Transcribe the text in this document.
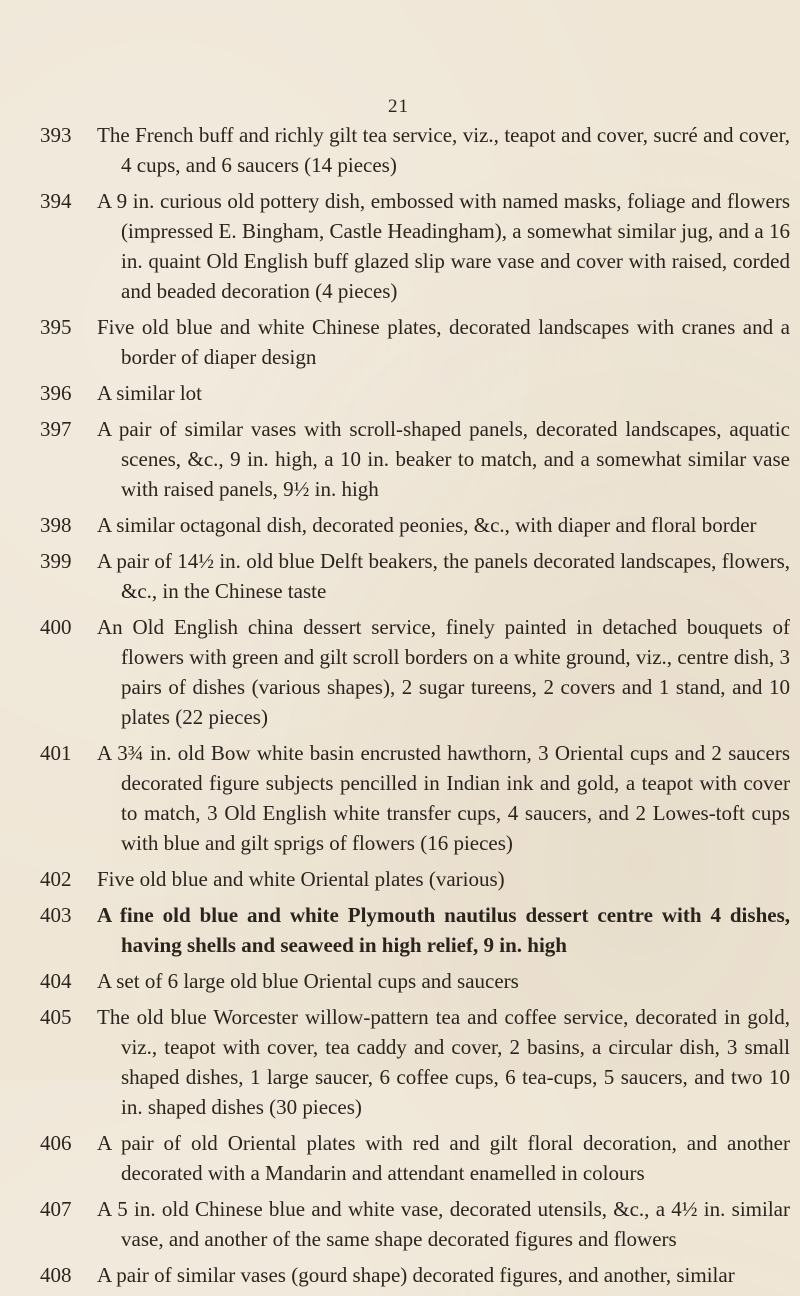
21
393	The French buff and richly gilt tea service, viz., teapot and cover, sucré and cover, 4 cups, and 6 saucers (14 pieces)
394	A 9 in. curious old pottery dish, embossed with named masks, foliage and flowers (impressed E. Bingham, Castle Headingham), a somewhat similar jug, and a 16 in. quaint Old English buff glazed slip ware vase and cover with raised, corded and beaded decoration (4 pieces)
395	Five old blue and white Chinese plates, decorated landscapes with cranes and a border of diaper design
396	A similar lot
397	A pair of similar vases with scroll-shaped panels, decorated landscapes, aquatic scenes, &c., 9 in. high, a 10 in. beaker to match, and a somewhat similar vase with raised panels, 9½ in. high
398	A similar octagonal dish, decorated peonies, &c., with diaper and floral border
399	A pair of 14½ in. old blue Delft beakers, the panels decorated landscapes, flowers, &c., in the Chinese taste
400	An Old English china dessert service, finely painted in detached bouquets of flowers with green and gilt scroll borders on a white ground, viz., centre dish, 3 pairs of dishes (various shapes), 2 sugar tureens, 2 covers and 1 stand, and 10 plates (22 pieces)
401	A 3¾ in. old Bow white basin encrusted hawthorn, 3 Oriental cups and 2 saucers decorated figure subjects pencilled in Indian ink and gold, a teapot with cover to match, 3 Old English white transfer cups, 4 saucers, and 2 Lowes-toft cups with blue and gilt sprigs of flowers (16 pieces)
402	Five old blue and white Oriental plates (various)
403	A fine old blue and white Plymouth nautilus dessert centre with 4 dishes, having shells and seaweed in high relief, 9 in. high
404	A set of 6 large old blue Oriental cups and saucers
405	The old blue Worcester willow-pattern tea and coffee service, decorated in gold, viz., teapot with cover, tea caddy and cover, 2 basins, a circular dish, 3 small shaped dishes, 1 large saucer, 6 coffee cups, 6 tea-cups, 5 saucers, and two 10 in. shaped dishes (30 pieces)
406	A pair of old Oriental plates with red and gilt floral decoration, and another decorated with a Mandarin and attendant enamelled in colours
407	A 5 in. old Chinese blue and white vase, decorated utensils, &c., a 4½ in. similar vase, and another of the same shape decorated figures and flowers
408	A pair of similar vases (gourd shape) decorated figures, and another, similar
